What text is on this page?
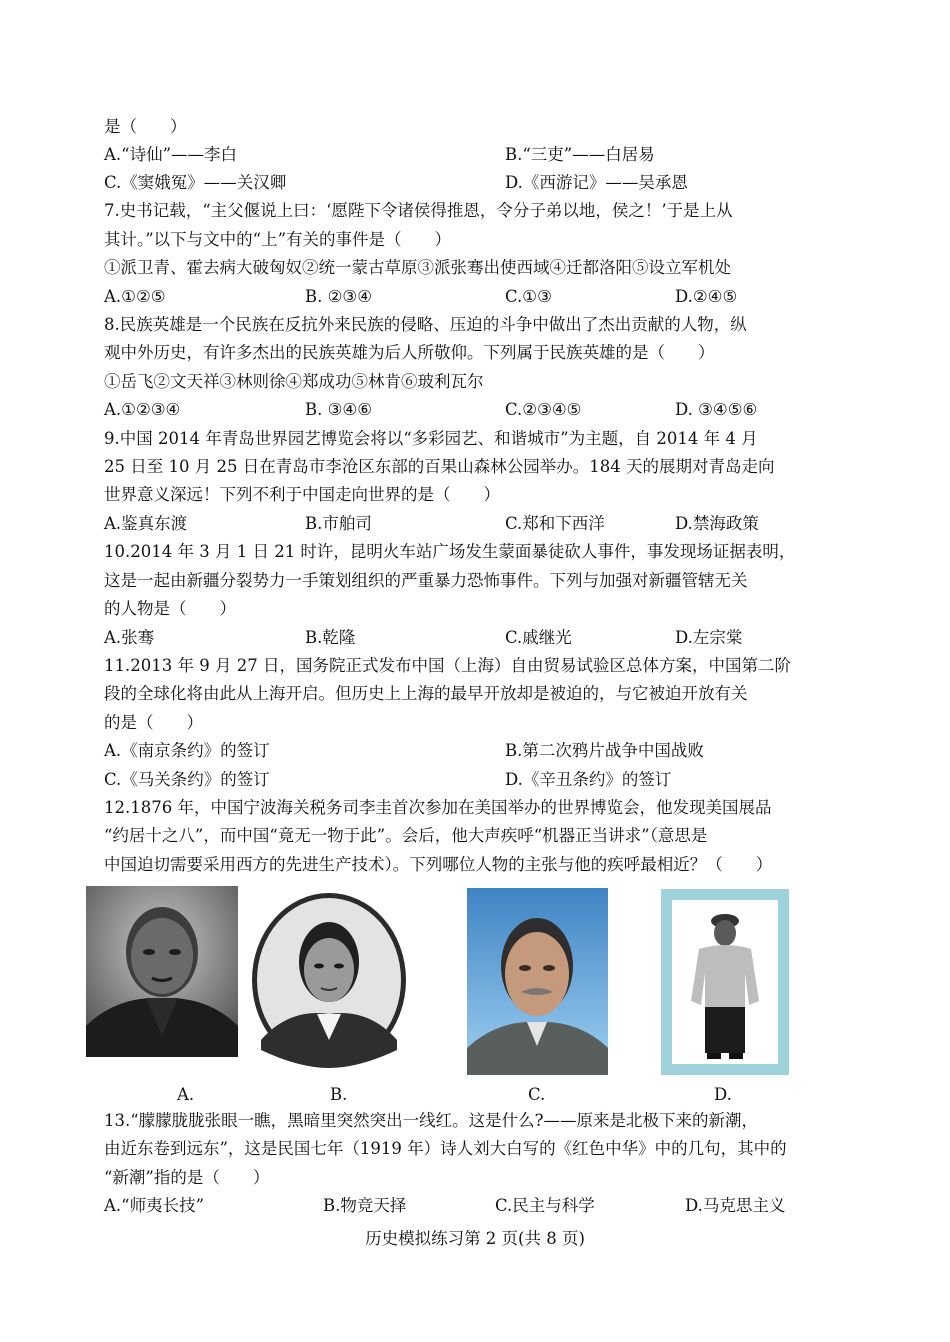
是（　　）
A.“诗仙”——李白	B.“三吏”——白居易
C.《窦娥冤》——关汉卿	D.《西游记》——吴承恩
7.史书记载，“主父偃说上曰：‘愿陛下令诸侯得推恩，令分子弟以地，侯之！’于是上从
其计。”以下与文中的“上”有关的事件是（　　）
①派卫青、霍去病大破匈奴②统一蒙古草原③派张骞出使西域④迁都洛阳⑤设立军机处
A.①②⑤	B. ②③④	C.①③	D.②④⑤
8.民族英雄是一个民族在反抗外来民族的侵略、压迫的斗争中做出了杰出贡献的人物，纵
观中外历史，有许多杰出的民族英雄为后人所敬仰。下列属于民族英雄的是（　　）
①岳飞②文天祥③林则徐④郑成功⑤林肯⑥玻利瓦尔
A.①②③④	B. ③④⑥	C.②③④⑤	D. ③④⑤⑥
9.中国 2014 年青岛世界园艺博览会将以“多彩园艺、和谐城市”为主题，自 2014 年 4 月
25 日至 10 月 25 日在青岛市李沧区东部的百果山森林公园举办。184 天的展期对青岛走向
世界意义深远！下列不利于中国走向世界的是（　　）
A.鉴真东渡	B.市舶司	C.郑和下西洋	D.禁海政策
10.2014 年 3 月 1 日 21 时许，昆明火车站广场发生蒙面暴徒砍人事件，事发现场证据表明，
这是一起由新疆分裂势力一手策划组织的严重暴力恐怖事件。下列与加强对新疆管辖无关
的人物是（　　）
A.张骞	B.乾隆	C.戚继光	D.左宗棠
11.2013 年 9 月 27 日，国务院正式发布中国（上海）自由贸易试验区总体方案，中国第二阶
段的全球化将由此从上海开启。但历史上上海的最早开放却是被迫的，与它被迫开放有关
的是（　　）
A.《南京条约》的签订	B.第二次鸦片战争中国战败
C.《马关条约》的签订	D.《辛丑条约》的签订
12.1876 年，中国宁波海关税务司李圭首次参加在美国举办的世界博览会，他发现美国展品
“约居十之八”，而中国“竟无一物于此”。会后，他大声疾呼“机器正当讲求”（意思是
中国迫切需要采用西方的先进生产技术）。下列哪位人物的主张与他的疾呼最相近？（　　）
A.	B.	C.	D.
13.“朦朦胧胧张眼一瞧，黑暗里突然突出一线红。这是什么?——原来是北极下来的新潮，
由近东卷到远东”，这是民国七年（1919 年）诗人刘大白写的《红色中华》中的几句，其中的
“新潮”指的是（　　）
A.“师夷长技”	B.物竞天择	C.民主与科学	D.马克思主义
历史模拟练习第 2 页(共 8 页)
